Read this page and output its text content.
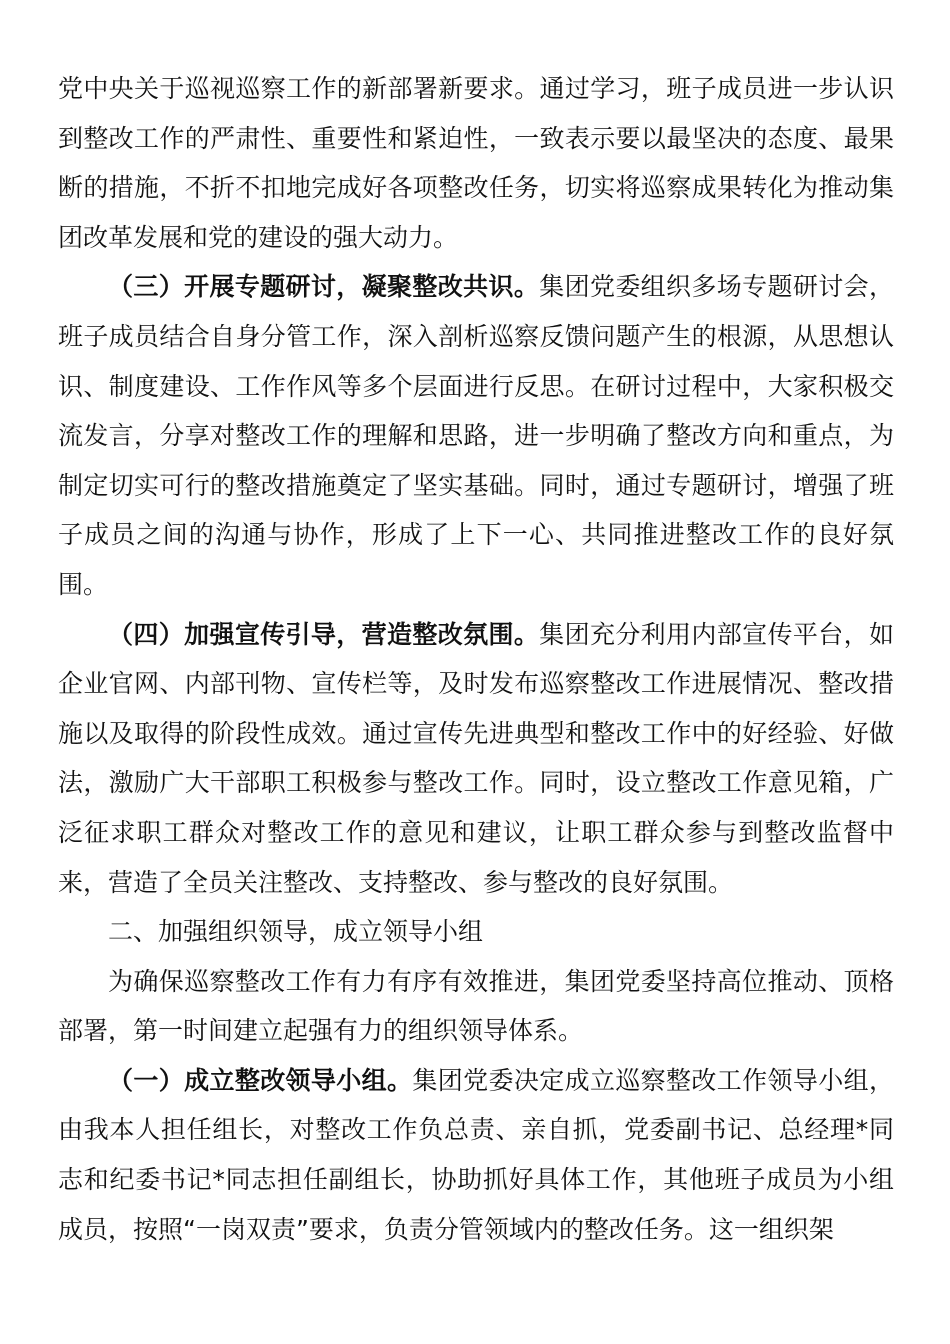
党中央关于巡视巡察工作的新部署新要求。通过学习，班子成员进一步认识到整改工作的严肃性、重要性和紧迫性，一致表示要以最坚决的态度、最果断的措施，不折不扣地完成好各项整改任务，切实将巡察成果转化为推动集团改革发展和党的建设的强大动力。

（三）开展专题研讨，凝聚整改共识。集团党委组织多场专题研讨会，班子成员结合自身分管工作，深入剖析巡察反馈问题产生的根源，从思想认识、制度建设、工作作风等多个层面进行反思。在研讨过程中，大家积极交流发言，分享对整改工作的理解和思路，进一步明确了整改方向和重点，为制定切实可行的整改措施奠定了坚实基础。同时，通过专题研讨，增强了班子成员之间的沟通与协作，形成了上下一心、共同推进整改工作的良好氛围。

（四）加强宣传引导，营造整改氛围。集团充分利用内部宣传平台，如企业官网、内部刊物、宣传栏等，及时发布巡察整改工作进展情况、整改措施以及取得的阶段性成效。通过宣传先进典型和整改工作中的好经验、好做法，激励广大干部职工积极参与整改工作。同时，设立整改工作意见箱，广泛征求职工群众对整改工作的意见和建议，让职工群众参与到整改监督中来，营造了全员关注整改、支持整改、参与整改的良好氛围。

二、加强组织领导，成立领导小组

为确保巡察整改工作有力有序有效推进，集团党委坚持高位推动、顶格部署，第一时间建立起强有力的组织领导体系。

（一）成立整改领导小组。集团党委决定成立巡察整改工作领导小组，由我本人担任组长，对整改工作负总责、亲自抓，党委副书记、总经理*同志和纪委书记*同志担任副组长，协助抓好具体工作，其他班子成员为小组成员，按照“一岗双责”要求，负责分管领域内的整改任务。这一组织架
